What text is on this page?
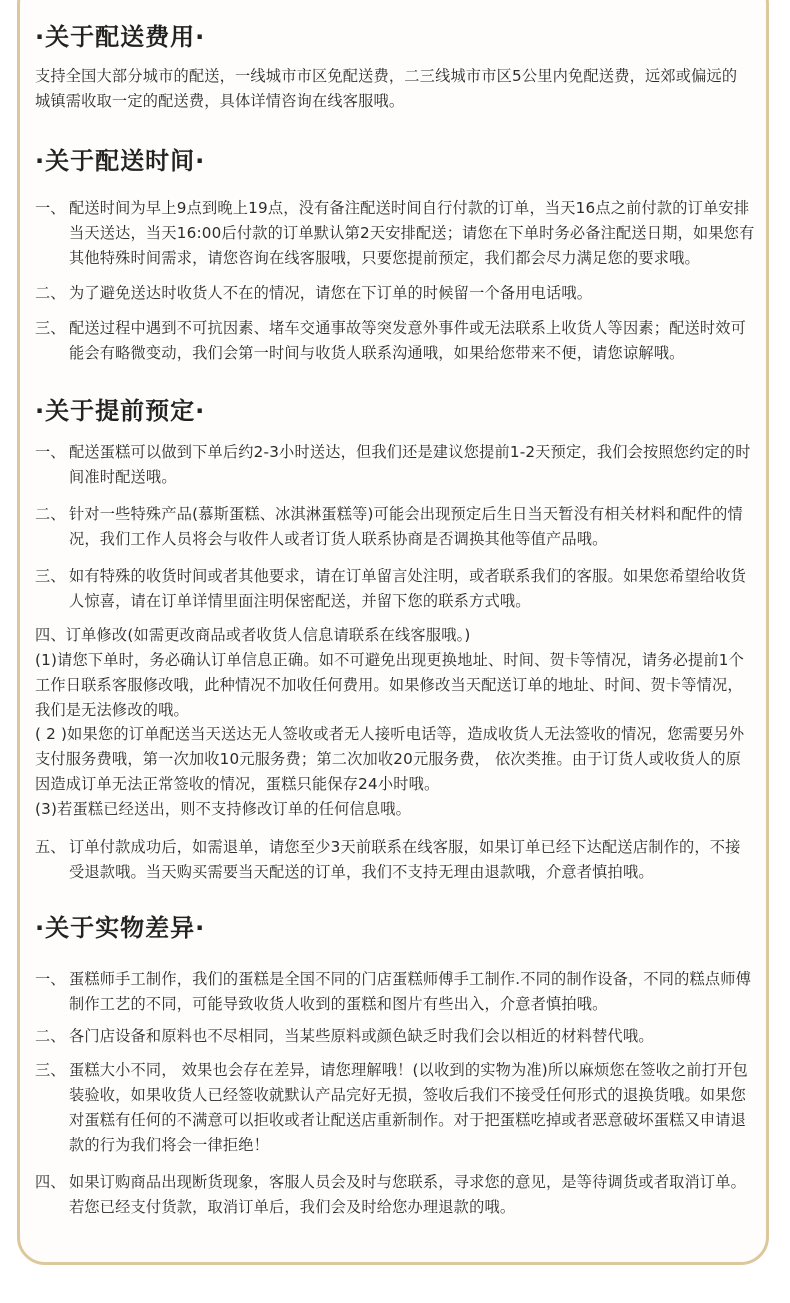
·关于配送费用·
支持全国大部分城市的配送，一线城市市区免配送费，二三线城市市区5公里内免配送费，远郊或偏远的城镇需收取一定的配送费，具体详情咨询在线客服哦。
·关于配送时间·
一、 配送时间为早上9点到晚上19点，没有备注配送时间自行付款的订单，当天16点之前付款的订单安排当天送达，当天16:00后付款的订单默认第2天安排配送；请您在下单时务必备注配送日期，如果您有其他特殊时间需求，请您咨询在线客服哦，只要您提前预定，我们都会尽力满足您的要求哦。
二、 为了避免送达时收货人不在的情况，请您在下订单的时候留一个备用电话哦。
三、 配送过程中遇到不可抗因素、堵车交通事故等突发意外事件或无法联系上收货人等因素；配送时效可能会有略微变动，我们会第一时间与收货人联系沟通哦，如果给您带来不便，请您谅解哦。
·关于提前预定·
一、 配送蛋糕可以做到下单后约2-3小时送达，但我们还是建议您提前1-2天预定，我们会按照您约定的时间准时配送哦。
二、 针对一些特殊产品(慕斯蛋糕、冰淇淋蛋糕等)可能会出现预定后生日当天暂没有相关材料和配件的情况，我们工作人员将会与收件人或者订货人联系协商是否调换其他等值产品哦。
三、 如有特殊的收货时间或者其他要求，请在订单留言处注明，或者联系我们的客服。如果您希望给收货人惊喜，请在订单详情里面注明保密配送，并留下您的联系方式哦。
四、订单修改(如需更改商品或者收货人信息请联系在线客服哦。)
(1)请您下单时，务必确认订单信息正确。如不可避免出现更换地址、时间、贺卡等情况，请务必提前1个工作日联系客服修改哦，此种情况不加收任何费用。如果修改当天配送订单的地址、时间、贺卡等情况，我们是无法修改的哦。
( 2 )如果您的订单配送当天送达无人签收或者无人接听电话等，造成收货人无法签收的情况，您需要另外支付服务费哦，第一次加收10元服务费；第二次加收20元服务费， 依次类推。由于订货人或收货人的原因造成订单无法正常签收的情况，蛋糕只能保存24小时哦。
(3)若蛋糕已经送出，则不支持修改订单的任何信息哦。
五、 订单付款成功后，如需退单，请您至少3天前联系在线客服，如果订单已经下达配送店制作的，不接受退款哦。当天购买需要当天配送的订单，我们不支持无理由退款哦，介意者慎拍哦。
·关于实物差异·
一、 蛋糕师手工制作，我们的蛋糕是全国不同的门店蛋糕师傅手工制作.不同的制作设备，不同的糕点师傅制作工艺的不同，可能导致收货人收到的蛋糕和图片有些出入，介意者慎拍哦。
二、 各门店设备和原料也不尽相同，当某些原料或颜色缺乏时我们会以相近的材料替代哦。
三、 蛋糕大小不同， 效果也会存在差异，请您理解哦！(以收到的实物为准)所以麻烦您在签收之前打开包装验收，如果收货人已经签收就默认产品完好无损，签收后我们不接受任何形式的退换货哦。如果您对蛋糕有任何的不满意可以拒收或者让配送店重新制作。对于把蛋糕吃掉或者恶意破坏蛋糕又申请退款的行为我们将会一律拒绝！
四、 如果订购商品出现断货现象，客服人员会及时与您联系，寻求您的意见，是等待调货或者取消订单。若您已经支付货款，取消订单后，我们会及时给您办理退款的哦。
